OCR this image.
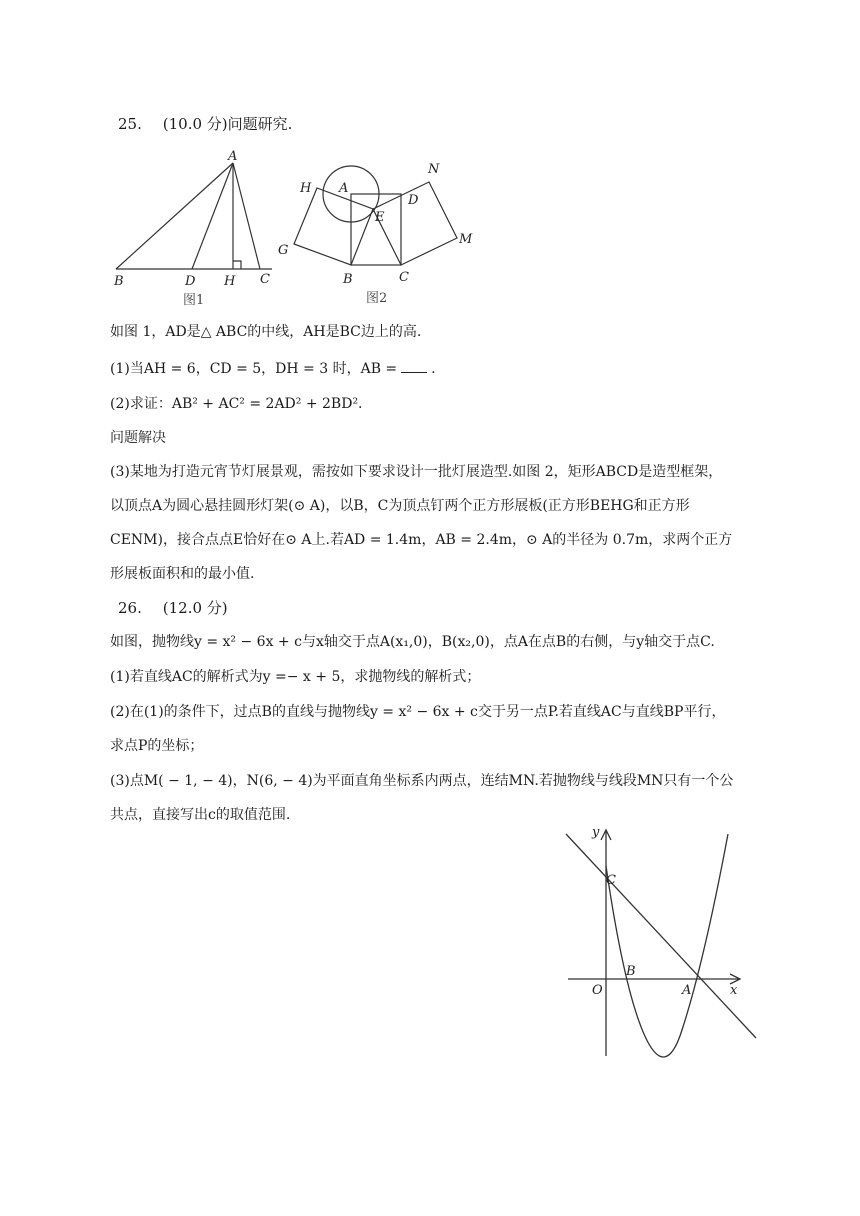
25. (10.0 分)问题研究.
A
B	D H C
图1
H A
E
D
N
M
G
B	C
图2
如图 1，AD是△ ABC的中线，AH是BC边上的高.
(1)当AH = 6，CD = 5，DH = 3 时，AB = .
(2)求证：AB² + AC² = 2AD² + 2BD².
问题解决
(3)某地为打造元宵节灯展景观，需按如下要求设计一批灯展造型.如图 2，矩形ABCD是造型框架，
以顶点A为圆心悬挂圆形灯架(⊙ A)，以B，C为顶点钉两个正方形展板(正方形BEHG和正方形
CENM)，接合点点E恰好在⊙ A上.若AD = 1.4m，AB = 2.4m，⊙ A的半径为 0.7m，求两个正方
形展板面积和的最小值.
26. (12.0 分)
如图，抛物线y = x² − 6x + c与x轴交于点A(x₁,0)，B(x₂,0)，点A在点B的右侧，与y轴交于点C.
(1)若直线AC的解析式为y =− x + 5，求抛物线的解析式；
(2)在(1)的条件下，过点B的直线与抛物线y = x² − 6x + c交于另一点P.若直线AC与直线BP平行，
求点P的坐标；
(3)点M( − 1, − 4)，N(6, − 4)为平面直角坐标系内两点，连结MN.若抛物线与线段MN只有一个公
共点，直接写出c的取值范围.
y
C
B
O	A	x
